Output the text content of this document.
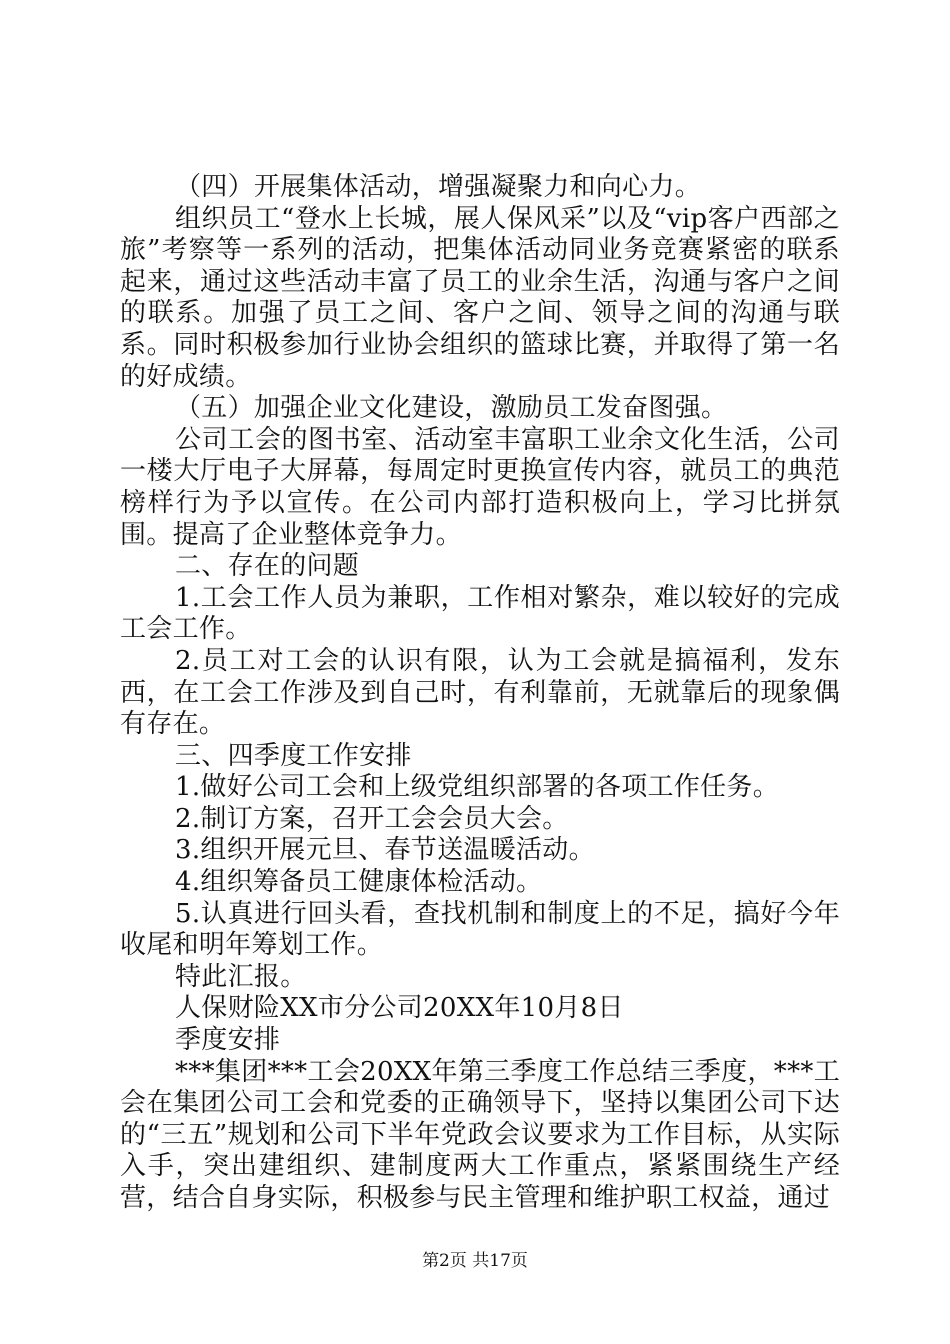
（四）开展集体活动，增强凝聚力和向心力。

组织员工“登水上长城，展人保风采”以及“vip客户西部之旅”考察等一系列的活动，把集体活动同业务竞赛紧密的联系起来，通过这些活动丰富了员工的业余生活，沟通与客户之间的联系。加强了员工之间、客户之间、领导之间的沟通与联系。同时积极参加行业协会组织的篮球比赛，并取得了第一名的好成绩。

（五）加强企业文化建设，激励员工发奋图强。

公司工会的图书室、活动室丰富职工业余文化生活，公司一楼大厅电子大屏幕，每周定时更换宣传内容，就员工的典范榜样行为予以宣传。在公司内部打造积极向上，学习比拼氛围。提高了企业整体竞争力。

二、存在的问题

1.工会工作人员为兼职，工作相对繁杂，难以较好的完成工会工作。

2.员工对工会的认识有限，认为工会就是搞福利，发东西，在工会工作涉及到自己时，有利靠前，无就靠后的现象偶有存在。

三、四季度工作安排

1.做好公司工会和上级党组织部署的各项工作任务。

2.制订方案，召开工会会员大会。

3.组织开展元旦、春节送温暖活动。

4.组织筹备员工健康体检活动。

5.认真进行回头看，查找机制和制度上的不足，搞好今年收尾和明年筹划工作。

特此汇报。

人保财险XX市分公司20XX年10月8日

季度安排

***集团***工会20XX年第三季度工作总结三季度，***工会在集团公司工会和党委的正确领导下，坚持以集团公司下达的“三五”规划和公司下半年党政会议要求为工作目标，从实际入手，突出建组织、建制度两大工作重点，紧紧围绕生产经营，结合自身实际，积极参与民主管理和维护职工权益，通过

第2页 共17页
